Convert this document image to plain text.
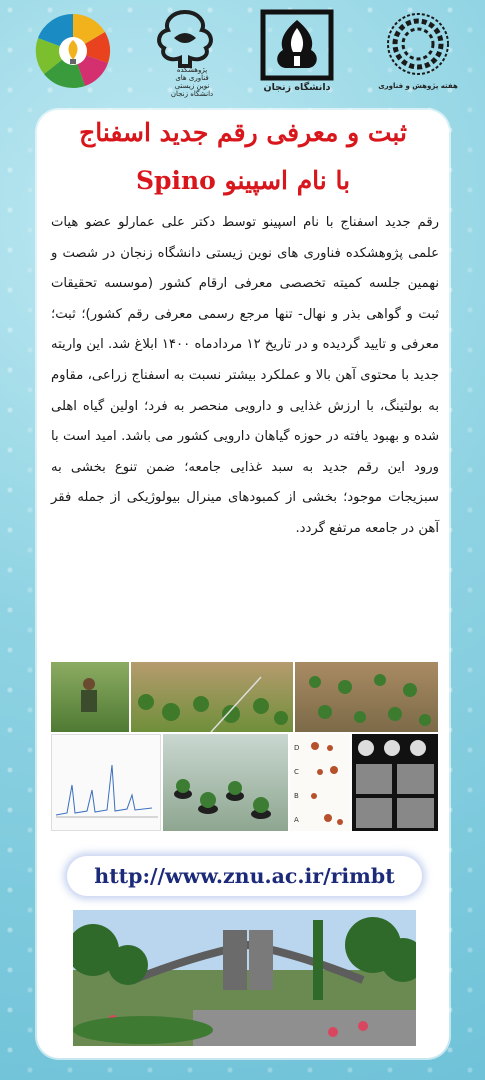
پژوهشکده
فناوری های
نوین زیستی
دانشگاه زنجان
دانشگاه زنجان	هفته پژوهش و فناوری
ثبت و معرفی رقم جدید اسفناج
با نام اسپینو Spino
رقم جدید اسفناج با نام اسپینو توسط دکتر علی عمارلو عضو هیات علمی پژوهشکده فناوری های نوین زیستی دانشگاه زنجان در شصت و نهمین جلسه کمیته تخصصی معرفی ارقام کشور (موسسه تحقیقات ثبت و گواهی بذر و نهال- تنها مرجع رسمی معرفی رقم کشور)؛ ثبت؛ معرفی و تایید گردیده و در تاریخ ۱۲ مردادماه ۱۴۰۰ ابلاغ شد. این واریته جدید با محتوی آهن بالا و عملکرد بیشتر نسبت به اسفناج زراعی، مقاوم به بولتینگ، با ارزش غذایی و دارویی منحصر به فرد؛ اولین گیاه اهلی شده و بهبود یافته در حوزه گیاهان دارویی کشور می باشد. امید است با ورود این رقم جدید به سبد غذایی جامعه؛ ضمن تنوع بخشی به سبزیجات موجود؛ بخشی از کمبودهای مینرال بیولوژیکی از جمله فقر آهن در جامعه مرتفع گردد.
D
C
B
A
http://www.znu.ac.ir/rimbt
